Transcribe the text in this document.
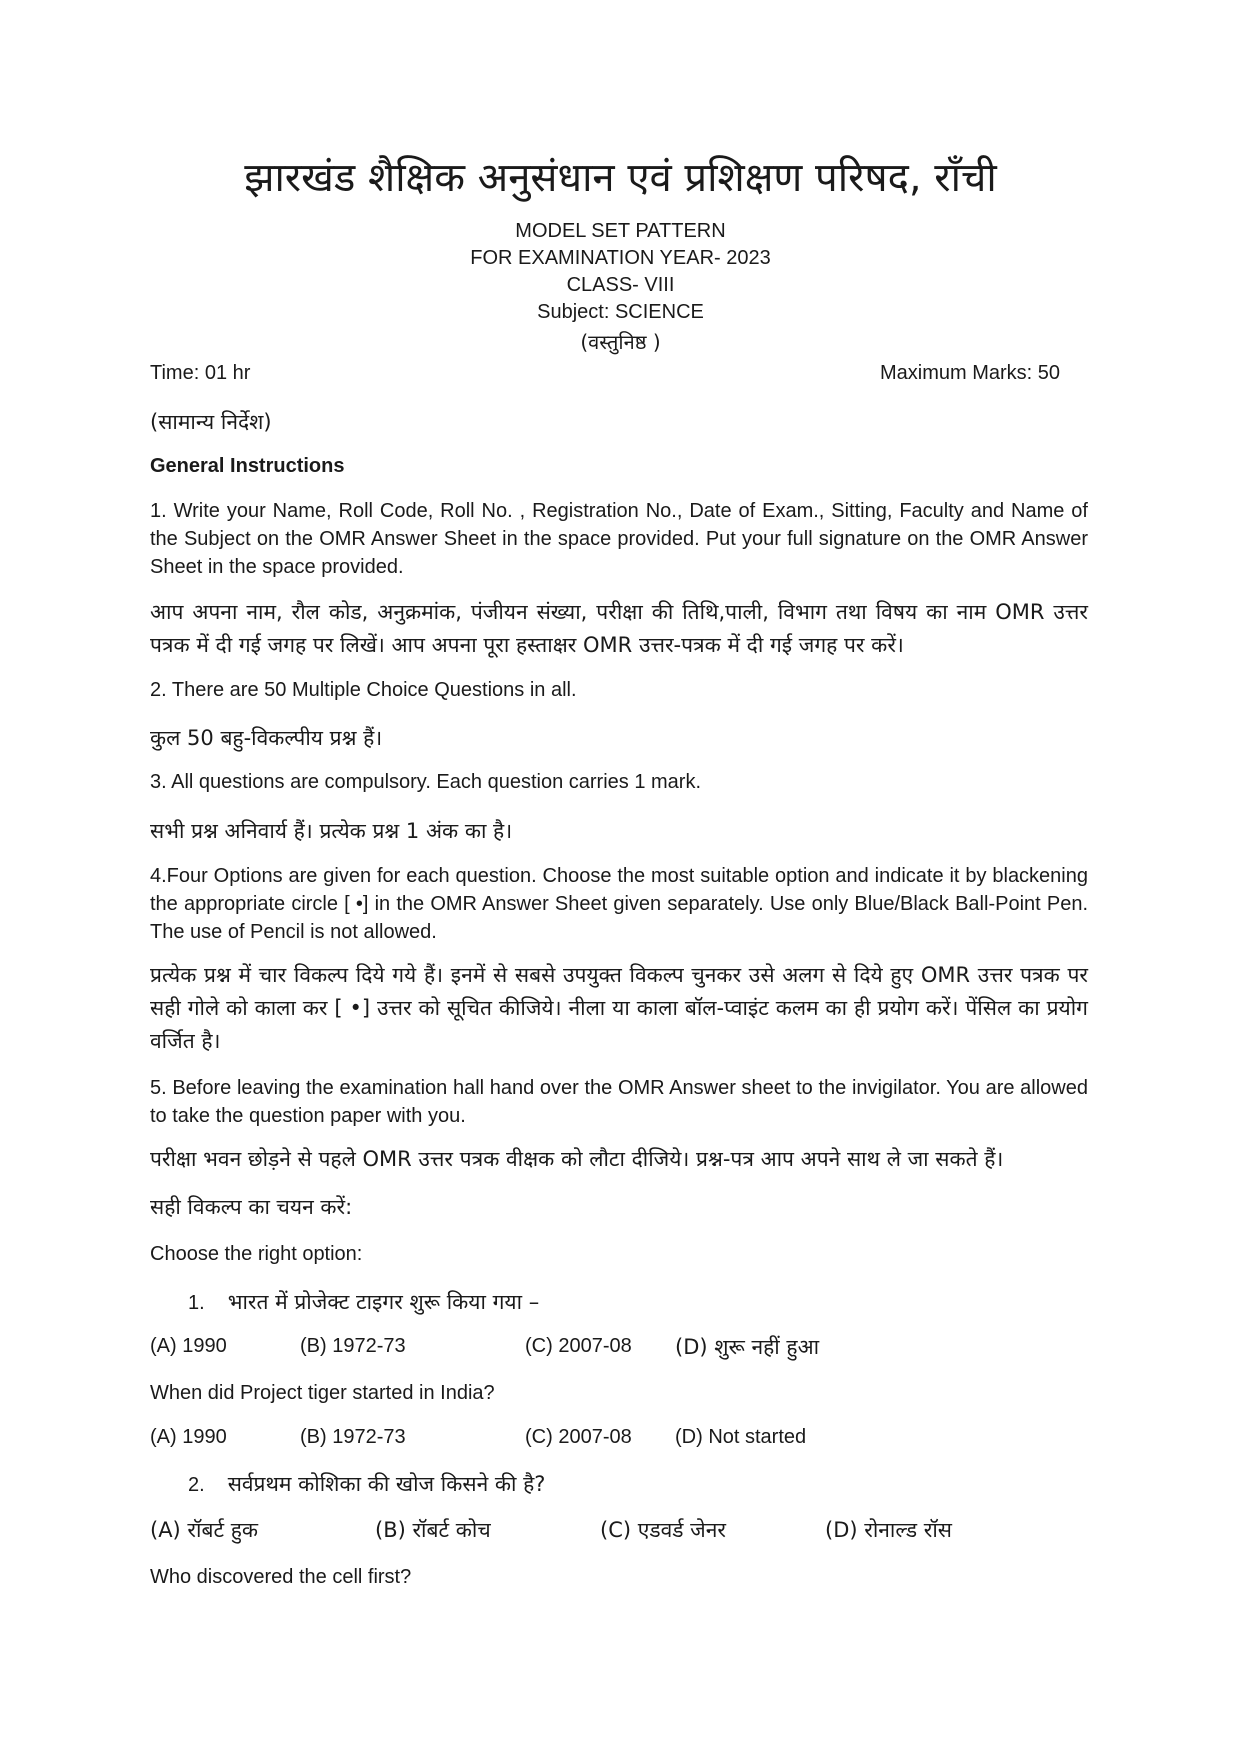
झारखंड शैक्षिक अनुसंधान एवं प्रशिक्षण परिषद, राँची
MODEL SET PATTERN
FOR EXAMINATION YEAR- 2023
CLASS- VIII
Subject: SCIENCE
(वस्तुनिष्ठ )
Time: 01 hr	Maximum Marks: 50
(सामान्य निर्देश)
General Instructions
1. Write your Name, Roll Code, Roll No. , Registration No., Date of Exam., Sitting, Faculty and Name of the Subject on the OMR Answer Sheet in the space provided. Put your full signature on the OMR Answer Sheet in the space provided.
आप अपना नाम, रौल कोड, अनुक्रमांक, पंजीयन संख्या, परीक्षा की तिथि,पाली, विभाग तथा विषय का नाम OMR उत्तर पत्रक में दी गई जगह पर लिखें। आप अपना पूरा हस्ताक्षर OMR उत्तर-पत्रक में दी गई जगह पर करें।
2. There are 50 Multiple Choice Questions in all.
कुल 50 बहु-विकल्पीय प्रश्न हैं।
3. All questions are compulsory. Each question carries 1 mark.
सभी प्रश्न अनिवार्य हैं। प्रत्येक प्रश्न 1 अंक का है।
4.Four Options are given for each question. Choose the most suitable option and indicate it by blackening the appropriate circle [ •] in the OMR Answer Sheet given separately. Use only Blue/Black Ball-Point Pen. The use of Pencil is not allowed.
प्रत्येक प्रश्न में चार विकल्प दिये गये हैं। इनमें से सबसे उपयुक्त विकल्प चुनकर उसे अलग से दिये हुए OMR उत्तर पत्रक पर सही गोले को काला कर [ •] उत्तर को सूचित कीजिये। नीला या काला बॉल-प्वाइंट कलम का ही प्रयोग करें। पेंसिल का प्रयोग वर्जित है।
5. Before leaving the examination hall hand over the OMR Answer sheet to the invigilator. You are allowed to take the question paper with you.
परीक्षा भवन छोड़ने से पहले OMR उत्तर पत्रक वीक्षक को लौटा दीजिये। प्रश्न-पत्र आप अपने साथ ले जा सकते हैं।
सही विकल्प का चयन करें:
Choose the right option:
1. भारत में प्रोजेक्ट टाइगर शुरू किया गया –
(A) 1990	(B) 1972-73	(C) 2007-08 (D) शुरू नहीं हुआ
When did Project tiger started in India?
(A) 1990	(B) 1972-73	(C) 2007-08 (D) Not started
2. सर्वप्रथम कोशिका की खोज किसने की है?
(A) रॉबर्ट हुक	(B) रॉबर्ट कोच	(C) एडवर्ड जेनर	(D) रोनाल्ड रॉस
Who discovered the cell first?
